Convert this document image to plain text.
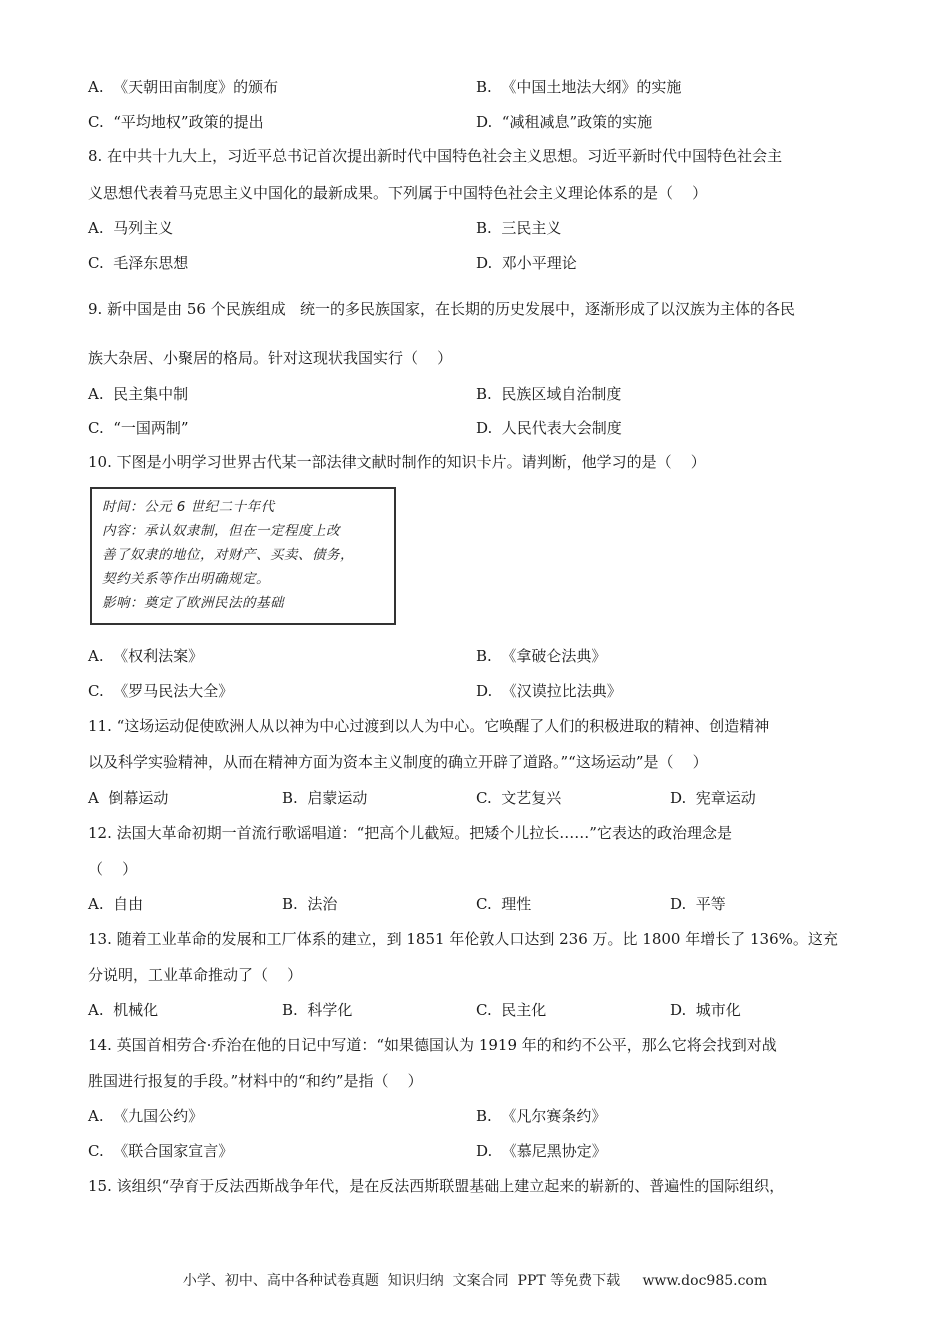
A.  《天朝田亩制度》的颁布	B.  《中国土地法大纲》的实施
C.  “平均地权”政策的提出	D.  “减租减息”政策的实施
8. 在中共十九大上，习近平总书记首次提出新时代中国特色社会主义思想。习近平新时代中国特色社会主
义思想代表着马克思主义中国化的最新成果。下列属于中国特色社会主义理论体系的是（    ）
A.  马列主义	B.  三民主义
C.  毛泽东思想	D.  邓小平理论
9. 新中国是由 56 个民族组成   统一的多民族国家，在长期的历史发展中，逐渐形成了以汉族为主体的各民
族大杂居、小聚居的格局。针对这现状我国实行（    ）
A.  民主集中制	B.  民族区域自治制度
C.  “一国两制”	D.  人民代表大会制度
10. 下图是小明学习世界古代某一部法律文献时制作的知识卡片。请判断，他学习的是（    ）
时间：公元 6 世纪二十年代
内容：承认奴隶制，但在一定程度上改
善了奴隶的地位，对财产、买卖、债务，
契约关系等作出明确规定。
影响：奠定了欧洲民法的基础
A.  《权利法案》	B.  《拿破仑法典》
C.  《罗马民法大全》	D.  《汉谟拉比法典》
11. “这场运动促使欧洲人从以神为中心过渡到以人为中心。它唤醒了人们的积极进取的精神、创造精神
以及科学实验精神，从而在精神方面为资本主义制度的确立开辟了道路。”“这场运动”是（    ）
A  倒幕运动	B.  启蒙运动	C.  文艺复兴	D.  宪章运动
12. 法国大革命初期一首流行歌谣唱道：“把高个儿截短。把矮个儿拉长……”它表达的政治理念是
（    ）
A.  自由	B.  法治	C.  理性	D.  平等
13. 随着工业革命的发展和工厂体系的建立，到 1851 年伦敦人口达到 236 万。比 1800 年增长了 136%。这充
分说明，工业革命推动了（    ）
A.  机械化	B.  科学化	C.  民主化	D.  城市化
14. 英国首相劳合·乔治在他的日记中写道：“如果德国认为 1919 年的和约不公平，那么它将会找到对战
胜国进行报复的手段。”材料中的“和约”是指（    ）
A.  《九国公约》	B.  《凡尔赛条约》
C.  《联合国家宣言》	D.  《慕尼黑协定》
15. 该组织“孕育于反法西斯战争年代，是在反法西斯联盟基础上建立起来的崭新的、普遍性的国际组织，
小学、初中、高中各种试卷真题  知识归纳  文案合同  PPT 等免费下载     www.doc985.com
